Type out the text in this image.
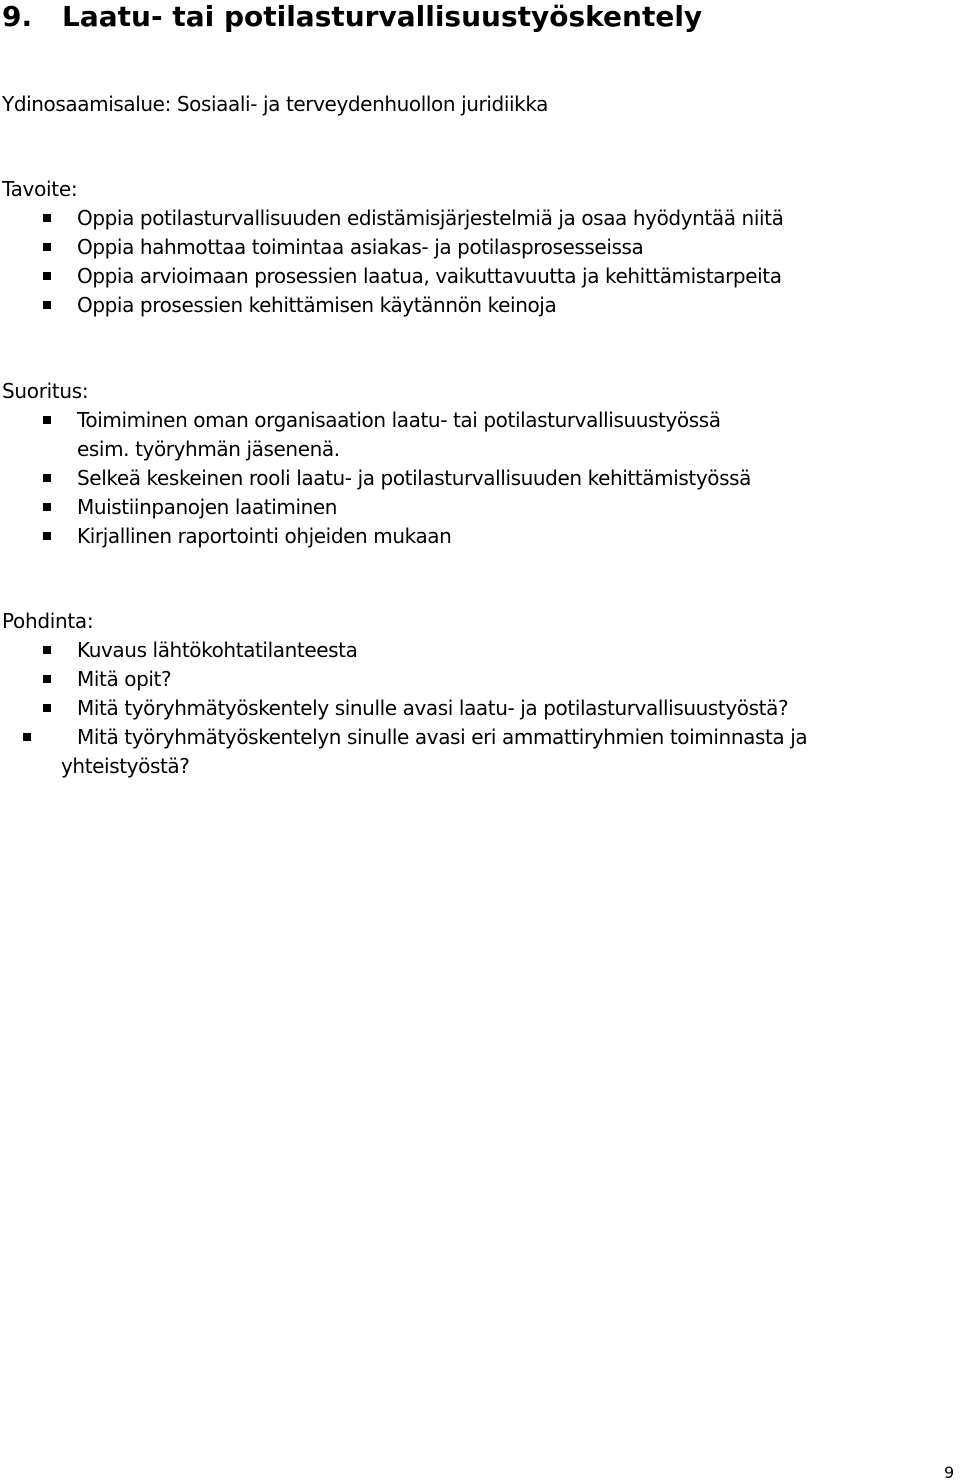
9. Laatu- tai potilasturvallisuustyöskentely
Ydinosaamisalue: Sosiaali- ja terveydenhuollon juridiikka
Tavoite:
Oppia potilasturvallisuuden edistämisjärjestelmiä ja osaa hyödyntää niitä
Oppia hahmottaa toimintaa asiakas- ja potilasprosesseissa
Oppia arvioimaan prosessien laatua, vaikuttavuutta ja kehittämistarpeita
Oppia prosessien kehittämisen käytännön keinoja
Suoritus:
Toimiminen oman organisaation laatu- tai potilasturvallisuustyössä
esim. työryhmän jäsenenä.
Selkeä keskeinen rooli laatu- ja potilasturvallisuuden kehittämistyössä
Muistiinpanojen laatiminen
Kirjallinen raportointi ohjeiden mukaan
Pohdinta:
Kuvaus lähtökohtatilanteesta
Mitä opit?
Mitä työryhmätyöskentely sinulle avasi laatu- ja potilasturvallisuustyöstä?
Mitä työryhmätyöskentelyn sinulle avasi eri ammattiryhmien toiminnasta ja
yhteistyöstä?
9
